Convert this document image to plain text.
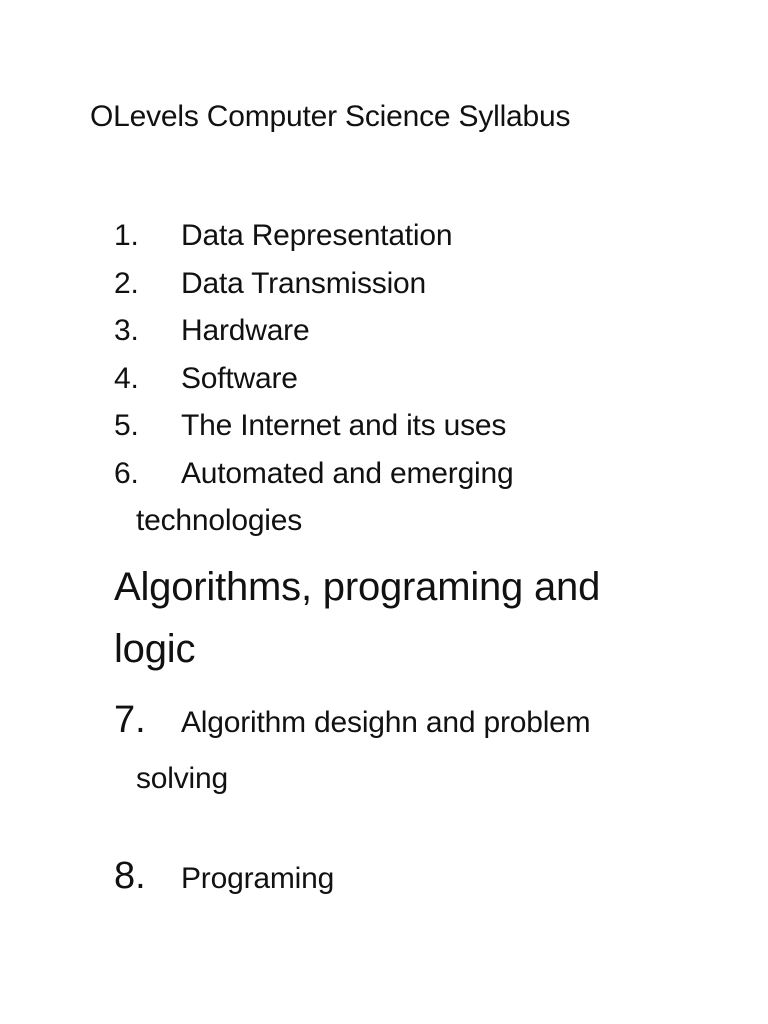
OLevels Computer Science Syllabus
1. Data Representation
2. Data Transmission
3. Hardware
4. Software
5. The Internet and its uses
6. Automated and emerging
technologies
Algorithms, programing and
logic
7. Algorithm desighn and problem
solving
8. Programing
